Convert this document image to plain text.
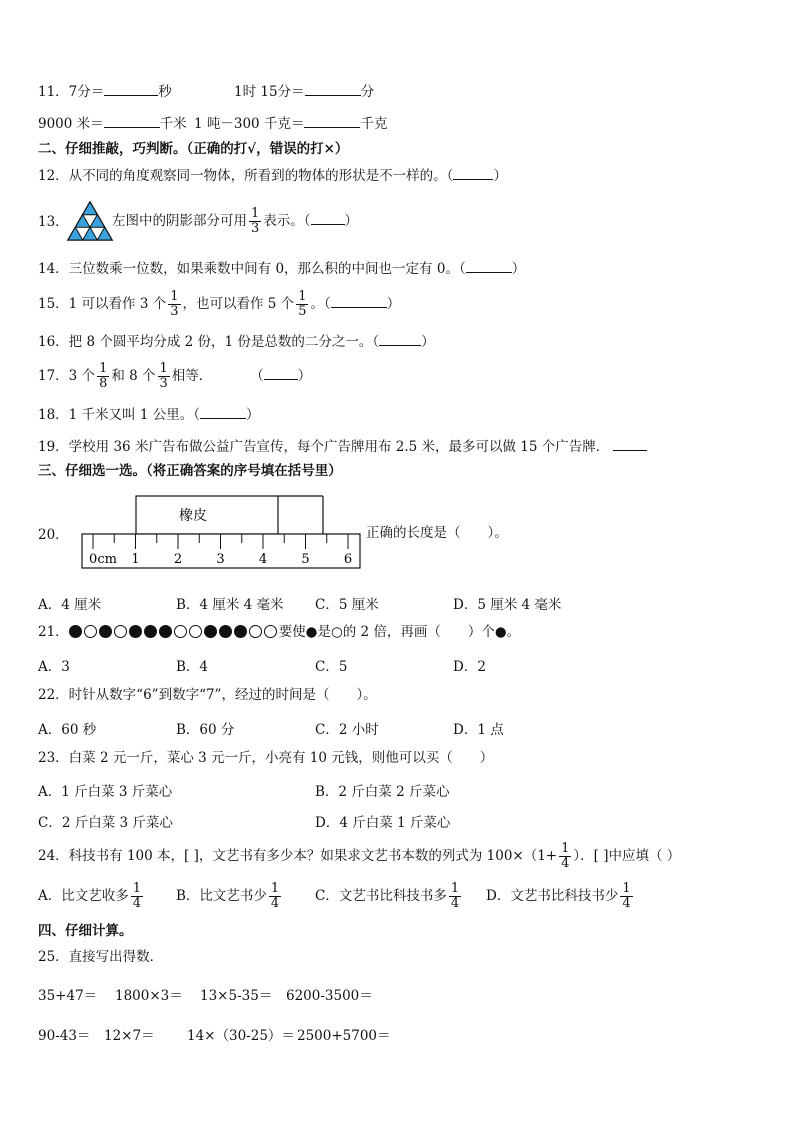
11．7分＝	秒	1时 15分＝	分
9000 米＝	千米 1 吨－300 千克＝	千克
二、仔细推敲，巧判断。（正确的打√，错误的打×）
12．从不同的角度观察同一物体，所看到的物体的形状是不一样的。（	）
13．	左图中的阴影部分可用 $\frac{1}{3}$ 表示。（	）
14．三位数乘一位数，如果乘数中间有 0，那么积的中间也一定有 0。（	）
15．1 可以看作 3 个 $\frac{1}{3}$ ，也可以看作 5 个 $\frac{1}{5}$ 。（	）
16．把 8 个圆平均分成 2 份，1 份是总数的二分之一。（	）
17．3 个 $\frac{1}{8}$ 和 8 个 $\frac{1}{3}$ 相等．	（	）
18．1 千米又叫 1 公里。（	）
19．学校用 36 米广告布做公益广告宣传，每个广告牌用布 2.5 米，最多可以做 15 个广告牌．
三、仔细选一选。（将正确答案的序号填在括号里）
20．
橡皮
0cm 1	2	3	4	5	6
正确的长度是（　　）。
A．4 厘米	B．4 厘米 4 毫米 C．5 厘米	D．5 厘米 4 毫米
21．	要使●是○的 2 倍，再画（　　）个●。
A．3	B．4	C．5	D．2
22．时针从数字“6”到数字“7”，经过的时间是（　　）。
A．60 秒	B．60 分	C．2 小时	D．1 点
23．白菜 2 元一斤，菜心 3 元一斤，小亮有 10 元钱，则他可以买（　　）
A．1 斤白菜 3 斤菜心	B．2 斤白菜 2 斤菜心
C．2 斤白菜 3 斤菜心	D．4 斤白菜 1 斤菜心
24．科技书有 100 本，[ ]，文艺书有多少本？如果求文艺书本数的列式为 $100\times(1+ \frac{1}{4}$ ）．[ ]中应填（ ）
A．比文艺收多 $\frac{1}{4}$ B．比文艺书少 $\frac{1}{4}$	C．文艺书比科技书多 $\frac{1}{4}$ D．文艺书比科技书少 $\frac{1}{4}$
四、仔细计算。
25．直接写出得数．
35+47＝ 1800×3＝ 13×5-35＝ 6200-3500＝
90-43＝ 12×7＝ 14×（30-25）＝ 2500+5700＝
